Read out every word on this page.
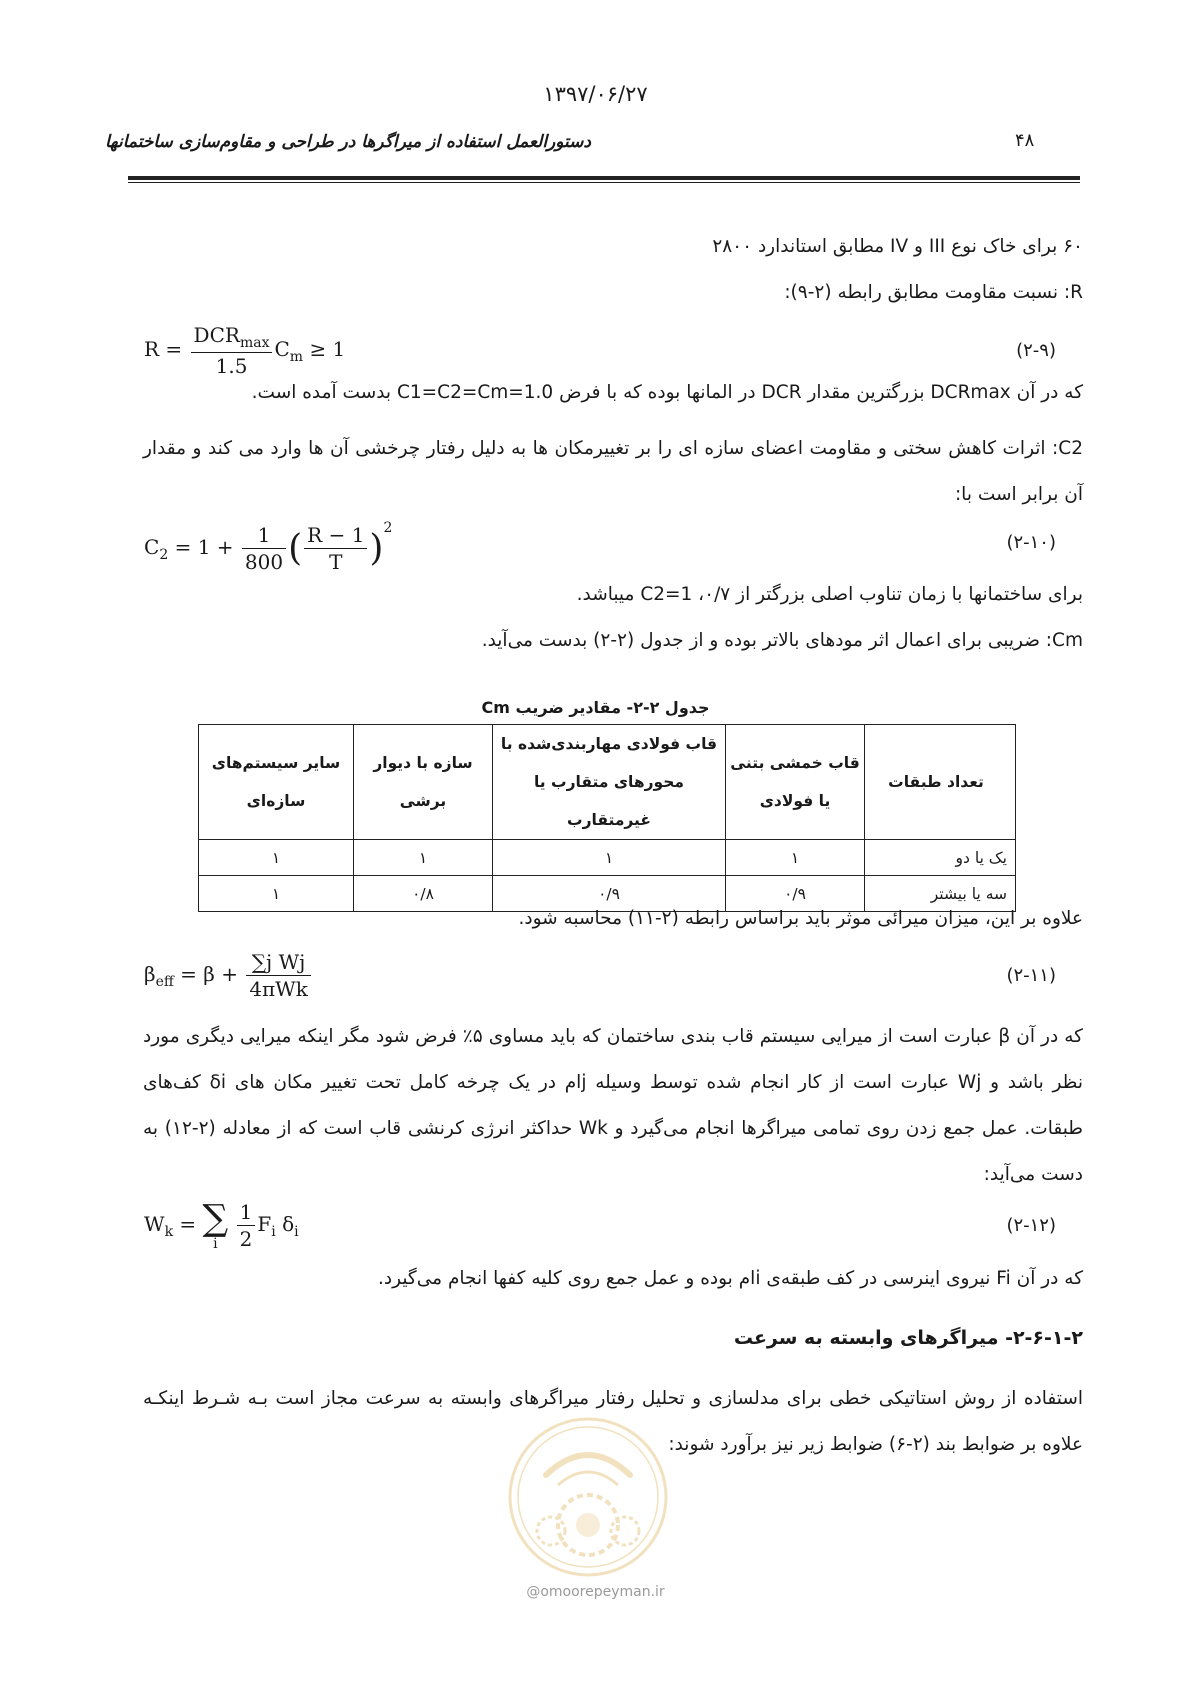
۱۳۹۷/۰۶/۲۷
دستورالعمل استفاده از میراگرها در طراحی و مقاوم‌سازی ساختمانها	۴۸
۶۰ برای خاک نوع III و IV مطابق استاندارد ۲۸۰۰
R: نسبت مقاومت مطابق رابطه (۲-۹):
$R = \frac{DCR_{max}}{1.5} C_m \ge 1$	(۲-۹)
که در آن DCRmax بزرگترین مقدار DCR در المانها بوده که با فرض C1=C2=Cm=1.0 بدست آمده است.
C2: اثرات کاهش سختی و مقاومت اعضای سازه ای را بر تغییرمکان ها به دلیل رفتار چرخشی آن ها وارد می کند و مقدار آن برابر است با:
$C_2 = 1 + \frac{1}{800}$ ( $\frac{R - 1}{T} )^2$
(۲-۱۰)
برای ساختمانها با زمان تناوب اصلی بزرگتر از ۰/۷، C2=1 میباشد.
Cm: ضریبی برای اعمال اثر مودهای بالاتر بوده و از جدول (۲-۲) بدست می‌آید.
جدول ۲-۲- مقادیر ضریب Cm
تعداد طبقات	قاب خمشی بتنی یا فولادی	قاب فولادی مهاربندی‌شده با محورهای متقارب یا غیرمتقارب	سازه با دیوار برشی	سایر سیستم‌های سازه‌ای
یک یا دو	۱	۱	۱	۱
سه یا بیشتر	۰/۹	۰/۹	۰/۸	۱
علاوه بر این، میزان میرائی موثر باید براساس رابطه (۲-۱۱) محاسبه شود.
$\beta_{eff} = \beta + \frac{\text{∑j Wj}}{\text{4πWk}}$	(۲-۱۱)
که در آن β عبارت است از میرایی سیستم قاب بندی ساختمان که باید مساوی ۵٪ فرض شود مگر اینکه میرایی دیگری مورد نظر باشد و Wj عبارت است از کار انجام شده توسط وسیله jام در یک چرخه کامل تحت تغییر مکان های δi کف‌های طبقات. عمل جمع زدن روی تمامی میراگرها انجام می‌گیرد و Wk حداکثر انرژی کرنشی قاب است که از معادله (۲-۱۲) به دست می‌آید:
$W_k$ = ∑
i
$\frac{1}{2} F_i$ $\delta_i$	(۲-۱۲)
که در آن Fi نیروی اینرسی در کف طبقه‌ی iام بوده و عمل جمع روی کلیه کفها انجام می‌گیرد.
۲-۶-۱-۲- میراگرهای وابسته به سرعت
استفاده از روش استاتیکی خطی برای مدلسازی و تحلیل رفتار میراگرهای وابسته به سرعت مجاز است بـه شـرط اینکـه علاوه بر ضوابط بند (۲-۶) ضوابط زیر نیز برآورد شوند:
@omoorepeyman.ir
